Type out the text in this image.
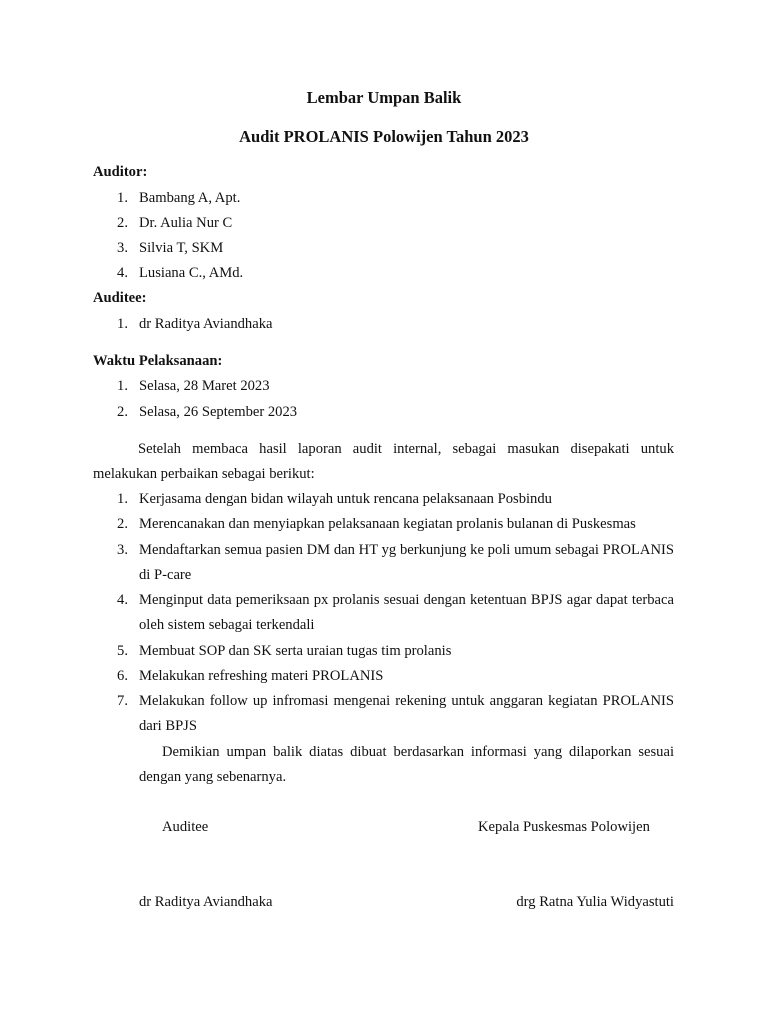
Lembar Umpan Balik
Audit PROLANIS Polowijen Tahun 2023
Auditor:
1. Bambang A, Apt.
2. Dr. Aulia Nur C
3. Silvia T, SKM
4. Lusiana C., AMd.
Auditee:
1. dr Raditya Aviandhaka
Waktu Pelaksanaan:
1. Selasa, 28 Maret 2023
2. Selasa, 26 September 2023
Setelah membaca hasil laporan audit internal, sebagai masukan disepakati untuk melakukan perbaikan sebagai berikut:
1. Kerjasama dengan bidan wilayah untuk rencana pelaksanaan Posbindu
2. Merencanakan dan menyiapkan pelaksanaan kegiatan prolanis bulanan di Puskesmas
3. Mendaftarkan semua pasien DM dan HT yg berkunjung ke poli umum sebagai PROLANIS di P-care
4. Menginput data pemeriksaan px prolanis sesuai dengan ketentuan BPJS agar dapat terbaca oleh sistem sebagai terkendali
5. Membuat SOP dan SK serta uraian tugas tim prolanis
6. Melakukan refreshing materi PROLANIS
7. Melakukan follow up infromasi mengenai rekening untuk anggaran kegiatan PROLANIS dari BPJS
Demikian umpan balik diatas dibuat berdasarkan informasi yang dilaporkan sesuai dengan yang sebenarnya.
Auditee	Kepala Puskesmas Polowijen
dr Raditya Aviandhaka	drg Ratna Yulia Widyastuti
